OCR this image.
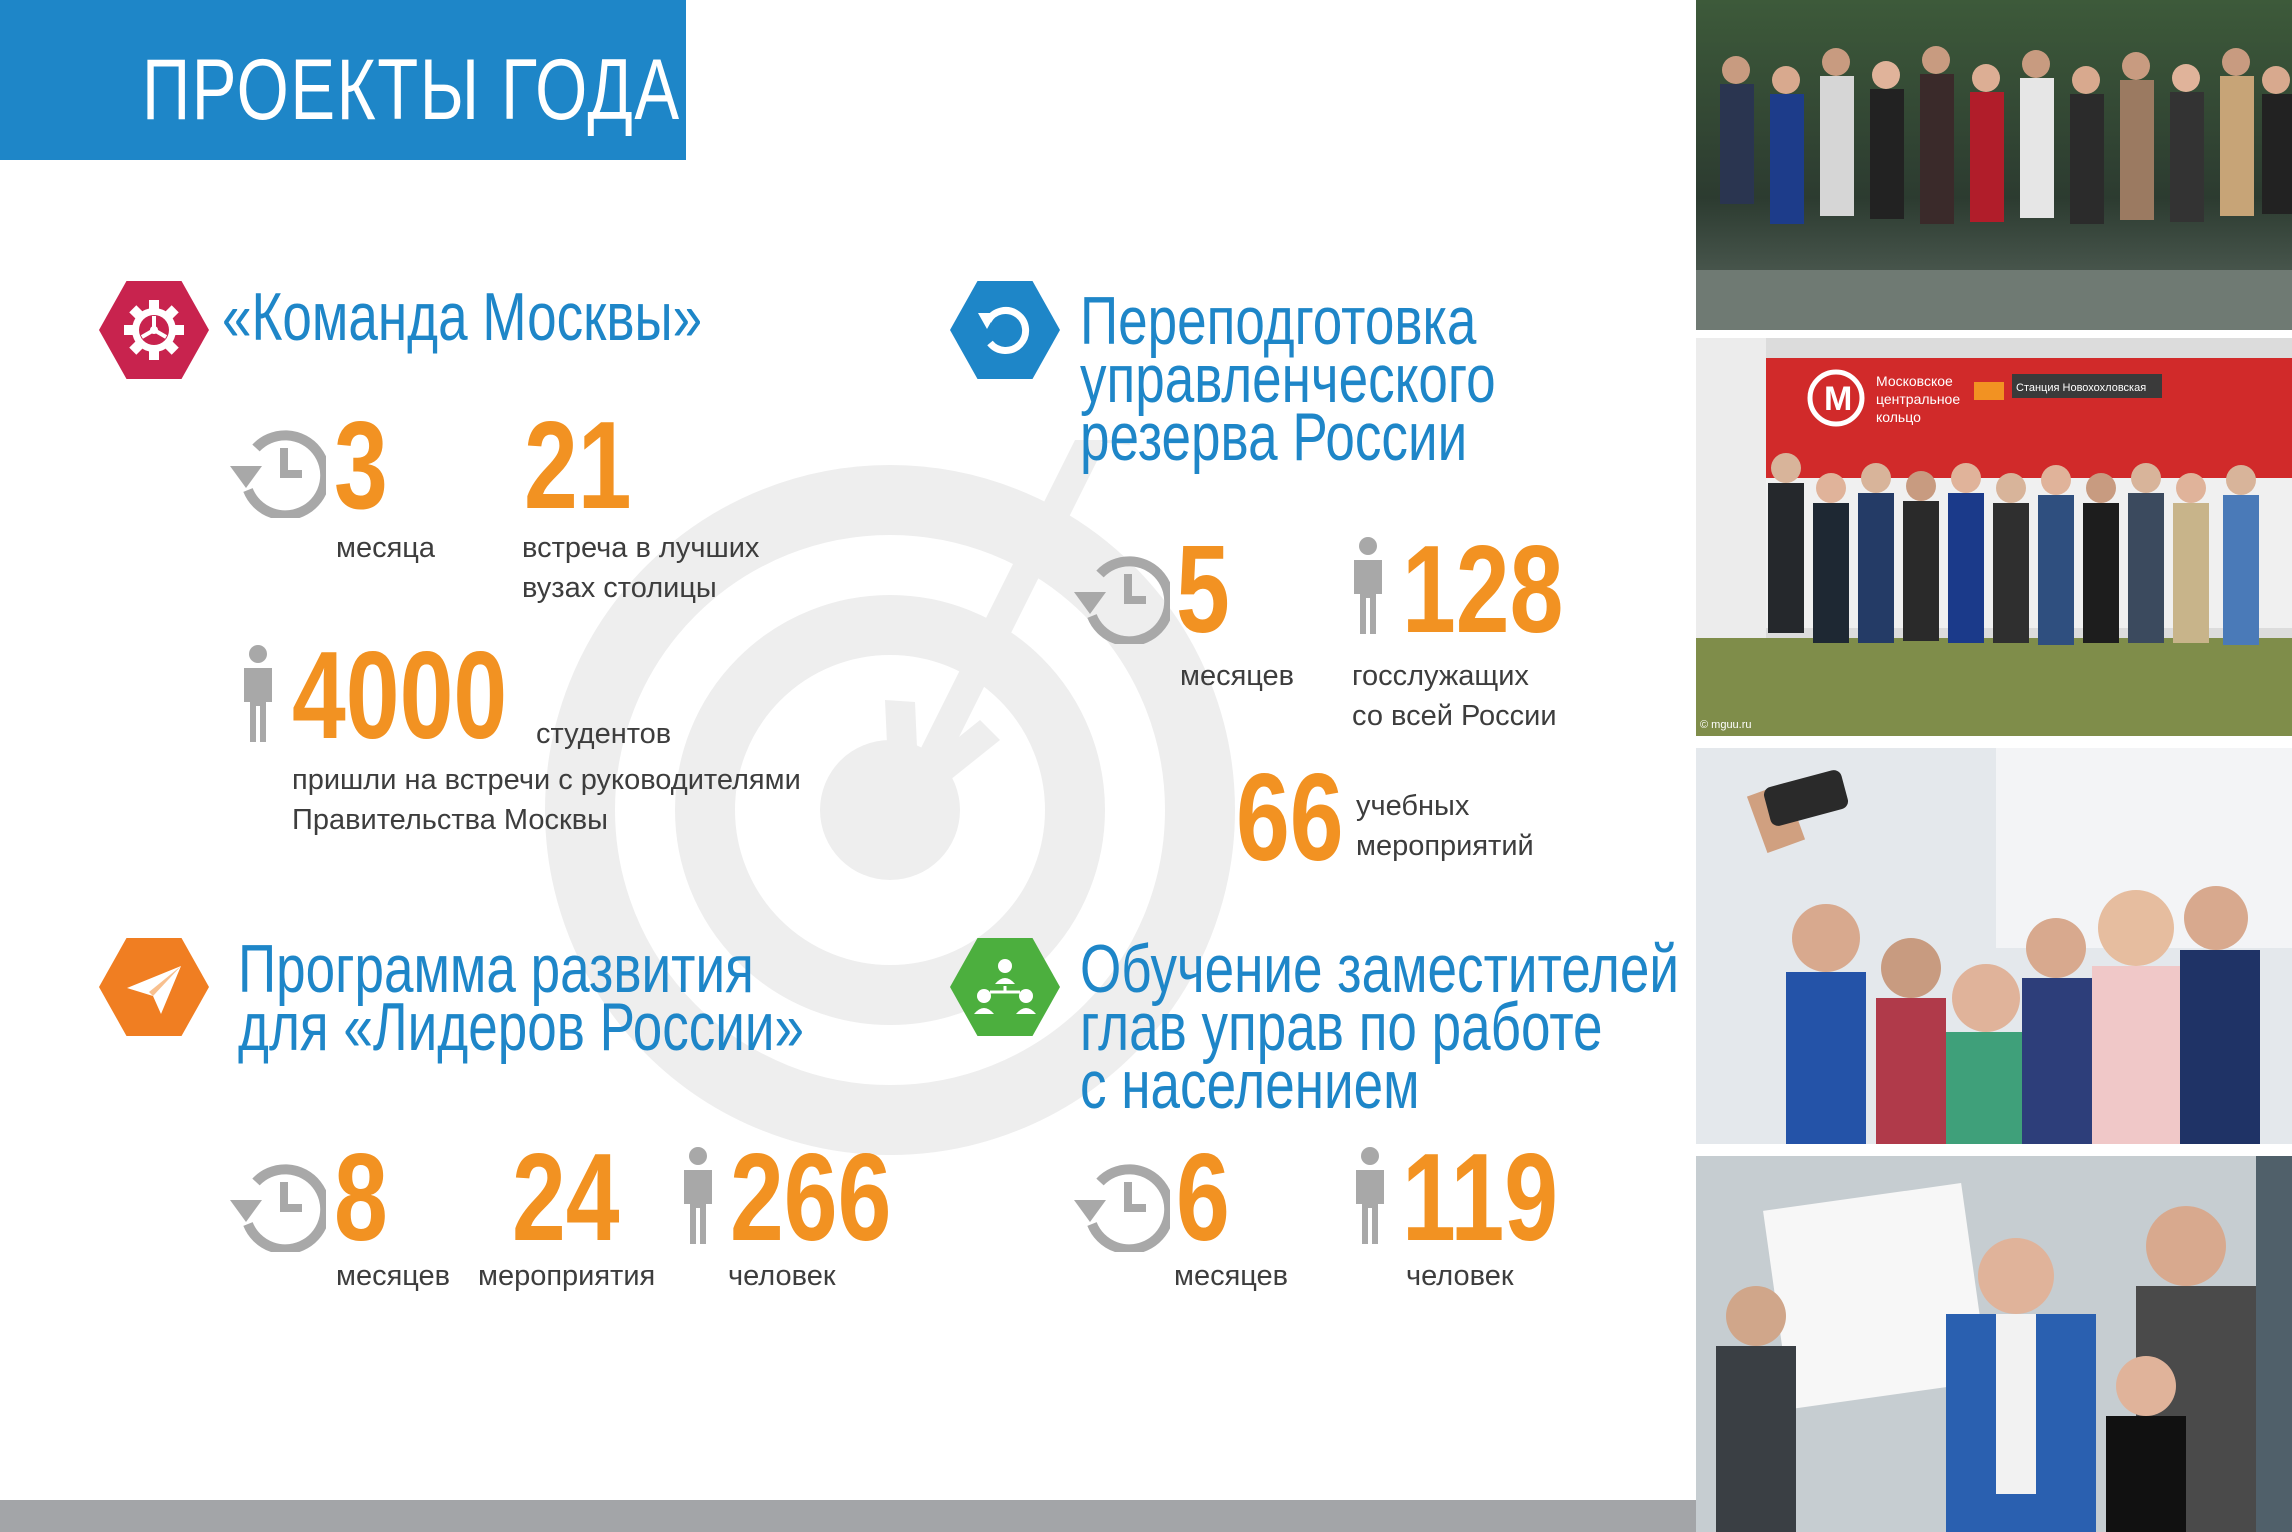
ПРОЕКТЫ ГОДА
«Команда Москвы»
3
месяца
21
встреча в лучших
вузах столицы
4000 студентов
пришли на встречи с руководителями
Правительства Москвы
Переподготовка
управленческого
резерва России
5
месяцев
128
госслужащих
со всей России
66 учебных
мероприятий
Программа развития
для «Лидеров России»
8
месяцев
24
мероприятия
266
человек
Обучение заместителей
глав управ по работе
с населением
6
месяцев
119
человек
M Московское
центральное
кольцо
Станция Новохохловская
© mguu.ru
